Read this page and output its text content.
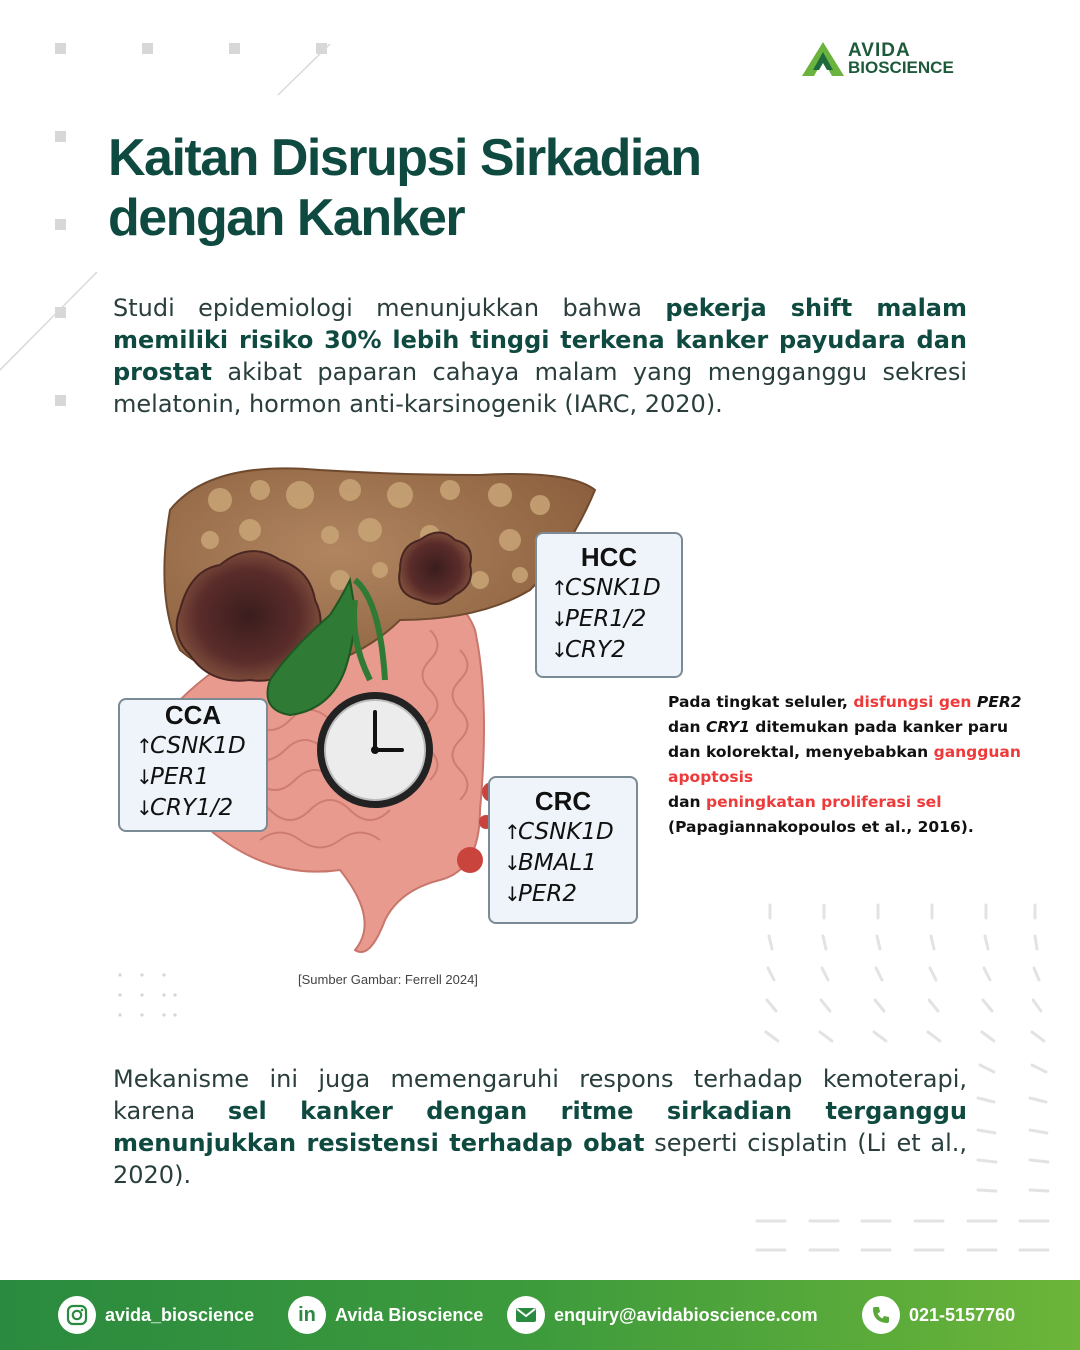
AVIDA
BIOSCIENCE
Kaitan Disrupsi Sirkadian
dengan Kanker
Studi epidemiologi menunjukkan bahwa pekerja shift malam memiliki risiko 30% lebih tinggi terkena kanker payudara dan prostat akibat paparan cahaya malam yang mengganggu sekresi melatonin, hormon anti-karsinogenik (IARC, 2020).
HCC
↑CSNK1D
↓PER1/2
↓CRY2
CCA
↑CSNK1D
↓PER1
↓CRY1/2	CRC
↑CSNK1D
↓BMAL1
↓PER2
[Sumber Gambar: Ferrell 2024]
Pada tingkat seluler, disfungsi gen PER2 dan CRY1 ditemukan pada kanker paru dan kolorektal, menyebabkan gangguan apoptosis
dan peningkatan proliferasi sel
(Papagiannakopoulos et al., 2016).
Mekanisme ini juga memengaruhi respons terhadap kemoterapi, karena sel kanker dengan ritme sirkadian terganggu menunjukkan resistensi terhadap obat seperti cisplatin (Li et al., 2020).
avida_bioscience in Avida Bioscience	enquiry@avidabioscience.com	021-5157760
